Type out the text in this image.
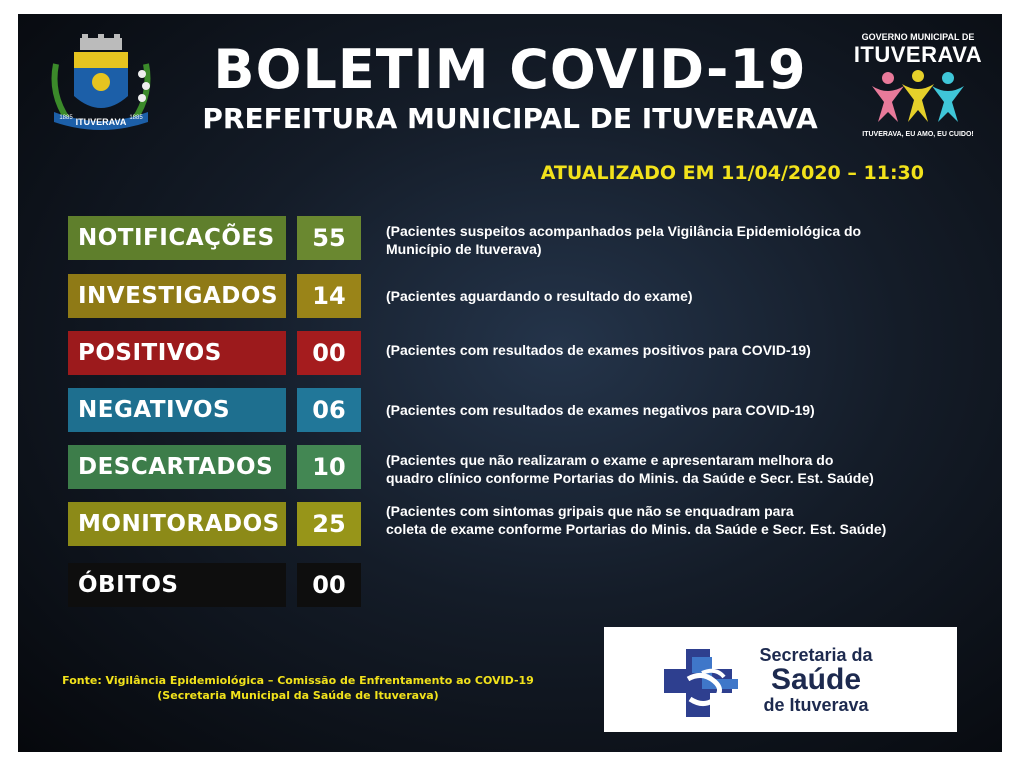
ITUVERAVA
1885	1885
BOLETIM COVID-19
PREFEITURA MUNICIPAL DE ITUVERAVA
GOVERNO MUNICIPAL DE
ITUVERAVA
ITUVERAVA, EU AMO, EU CUIDO!
ATUALIZADO EM 11/04/2020 – 11:30
NOTIFICAÇÕES	55	(Pacientes suspeitos acompanhados pela Vigilância Epidemiológica do
Município de Ituverava)
INVESTIGADOS	14	(Pacientes aguardando o resultado do exame)
POSITIVOS	00	(Pacientes com resultados de exames positivos para COVID-19)
NEGATIVOS	06	(Pacientes com resultados de exames negativos para COVID-19)
DESCARTADOS	10	(Pacientes que não realizaram o exame e apresentaram melhora do
quadro clínico conforme Portarias do Minis. da Saúde e Secr. Est. Saúde)
MONITORADOS	25	(Pacientes com sintomas gripais que não se enquadram para
coleta de exame conforme Portarias do Minis. da Saúde e Secr. Est. Saúde)
ÓBITOS	00
Fonte: Vigilância Epidemiológica – Comissão de Enfrentamento ao COVID-19
(Secretaria Municipal da Saúde de Ituverava)
Secretaria da
Saúde
de Ituverava
